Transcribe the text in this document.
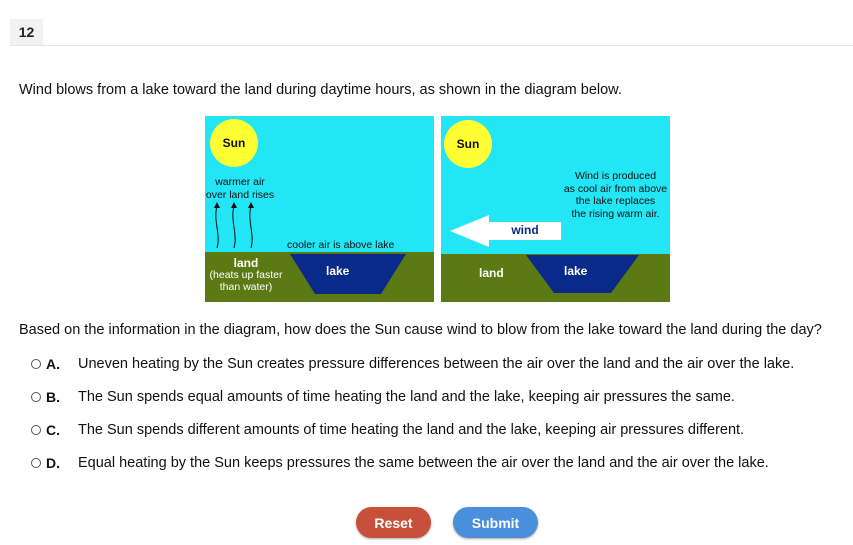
12
Wind blows from a lake toward the land during daytime hours, as shown in the diagram below.
Sun
warmer air
over land rises
cooler air is above lake
land
(heats up faster
than water)
lake
Sun
Wind is produced
as cool air from above
the lake replaces
the rising warm air.
wind
land	lake
Based on the information in the diagram, how does the Sun cause wind to blow from the lake toward the land during the day?
A.	Uneven heating by the Sun creates pressure differences between the air over the land and the air over the lake.
B.	The Sun spends equal amounts of time heating the land and the lake, keeping air pressures the same.
C.	The Sun spends different amounts of time heating the land and the lake, keeping air pressures different.
D.	Equal heating by the Sun keeps pressures the same between the air over the land and the air over the lake.
Reset	Submit
